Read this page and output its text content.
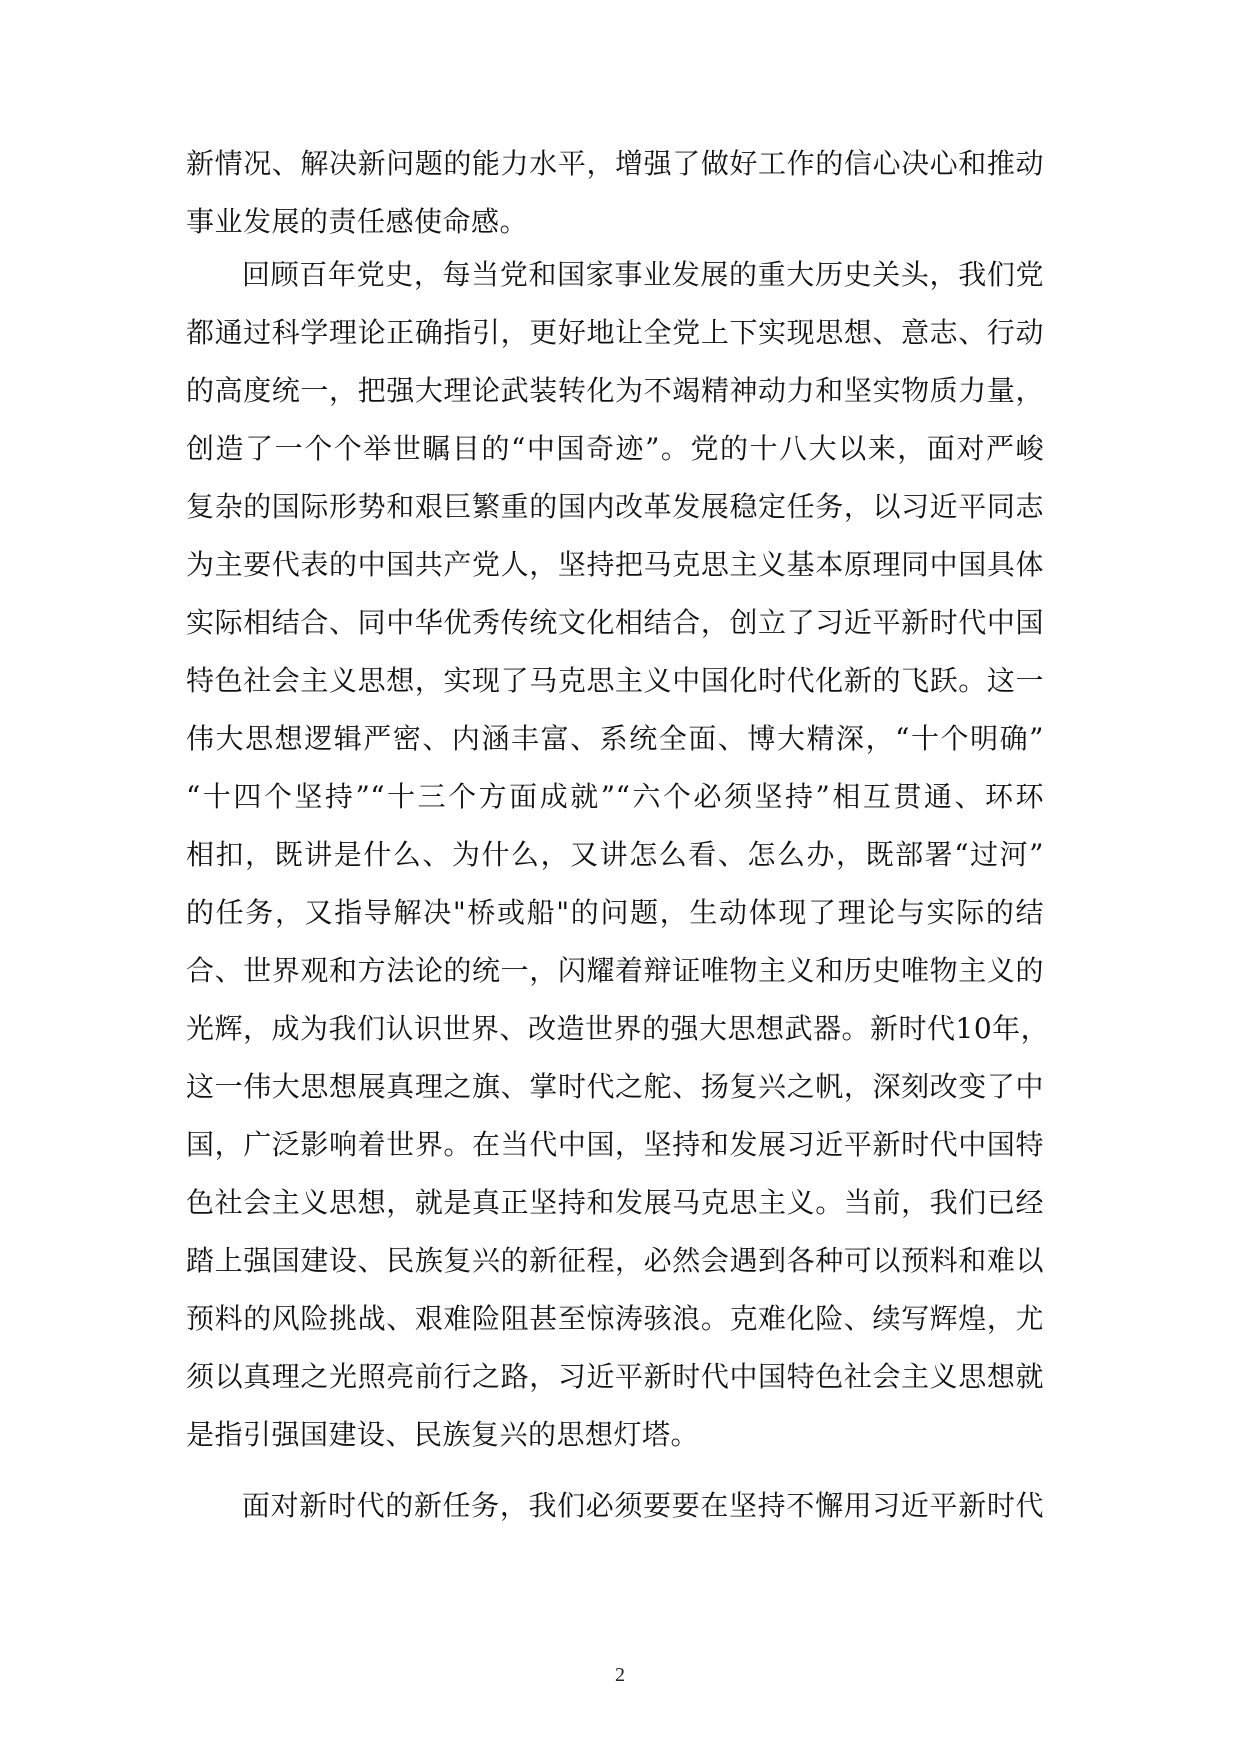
新情况、解决新问题的能力水平，增强了做好工作的信心决心和推动
事业发展的责任感使命感。
回顾百年党史，每当党和国家事业发展的重大历史关头，我们党
都通过科学理论正确指引，更好地让全党上下实现思想、意志、行动
的高度统一，把强大理论武装转化为不竭精神动力和坚实物质力量，
创造了一个个举世瞩目的“中国奇迹”。党的十八大以来，面对严峻
复杂的国际形势和艰巨繁重的国内改革发展稳定任务，以习近平同志
为主要代表的中国共产党人，坚持把马克思主义基本原理同中国具体
实际相结合、同中华优秀传统文化相结合，创立了习近平新时代中国
特色社会主义思想，实现了马克思主义中国化时代化新的飞跃。这一
伟大思想逻辑严密、内涵丰富、系统全面、博大精深，“十个明确”
“十四个坚持”“十三个方面成就”“六个必须坚持”相互贯通、环环
相扣，既讲是什么、为什么，又讲怎么看、怎么办，既部署“过河”
的任务，又指导解决"桥或船"的问题，生动体现了理论与实际的结
合、世界观和方法论的统一，闪耀着辩证唯物主义和历史唯物主义的
光辉，成为我们认识世界、改造世界的强大思想武器。新时代10年，
这一伟大思想展真理之旗、掌时代之舵、扬复兴之帆，深刻改变了中
国，广泛影响着世界。在当代中国，坚持和发展习近平新时代中国特
色社会主义思想，就是真正坚持和发展马克思主义。当前，我们已经
踏上强国建设、民族复兴的新征程，必然会遇到各种可以预料和难以
预料的风险挑战、艰难险阻甚至惊涛骇浪。克难化险、续写辉煌，尤
须以真理之光照亮前行之路，习近平新时代中国特色社会主义思想就
是指引强国建设、民族复兴的思想灯塔。
面对新时代的新任务，我们必须要要在坚持不懈用习近平新时代
2
